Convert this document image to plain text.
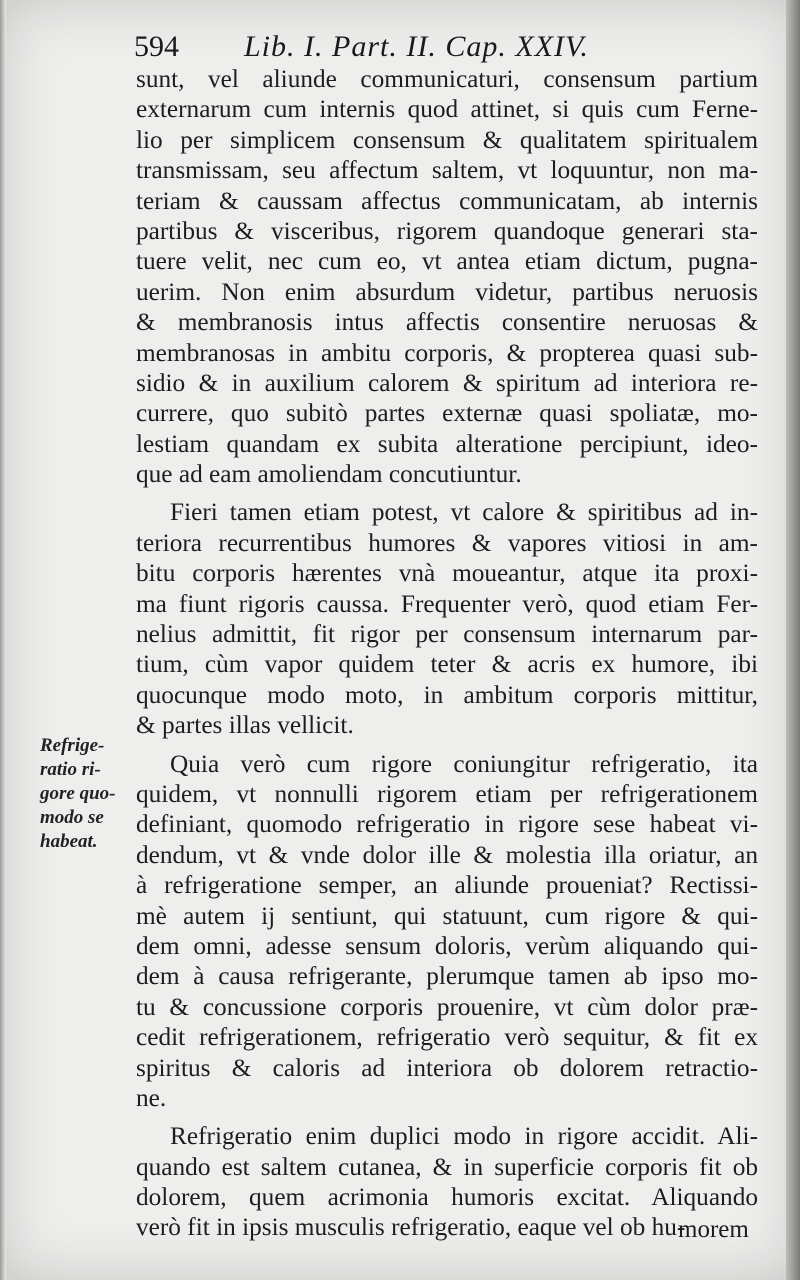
594 Lib. I. Part. II. Cap. XXIV.
sunt, vel aliunde communicaturi, consensum partium
externarum cum internis quod attinet, si quis cum Ferne-
lio per simplicem consensum & qualitatem spiritualem
transmissam, seu affectum saltem, vt loquuntur, non ma-
teriam & caussam affectus communicatam, ab internis
partibus & visceribus, rigorem quandoque generari sta-
tuere velit, nec cum eo, vt antea etiam dictum, pugna-
uerim. Non enim absurdum videtur, partibus neruosis
& membranosis intus affectis consentire neruosas &
membranosas in ambitu corporis, & propterea quasi sub-
sidio & in auxilium calorem & spiritum ad interiora re-
currere, quo subitò partes externæ quasi spoliatæ, mo-
lestiam quandam ex subita alteratione percipiunt, ideo-
que ad eam amoliendam concutiuntur.
Fieri tamen etiam potest, vt calore & spiritibus ad in-
teriora recurrentibus humores & vapores vitiosi in am-
bitu corporis hærentes vnà moueantur, atque ita proxi-
ma fiunt rigoris caussa. Frequenter verò, quod etiam Fer-
nelius admittit, fit rigor per consensum internarum par-
tium, cùm vapor quidem teter & acris ex humore, ibi
quocunque modo moto, in ambitum corporis mittitur,
& partes illas vellicit.
Quia verò cum rigore coniungitur refrigeratio, ita
quidem, vt nonnulli rigorem etiam per refrigerationem
definiant, quomodo refrigeratio in rigore sese habeat vi-
dendum, vt & vnde dolor ille & molestia illa oriatur, an
à refrigeratione semper, an aliunde proueniat? Rectissi-
mè autem ij sentiunt, qui statuunt, cum rigore & qui-
dem omni, adesse sensum doloris, verùm aliquando qui-
dem à causa refrigerante, plerumque tamen ab ipso mo-
tu & concussione corporis prouenire, vt cùm dolor præ-
cedit refrigerationem, refrigeratio verò sequitur, & fit ex
spiritus & caloris ad interiora ob dolorem retractio-
ne.
Refrigeratio enim duplici modo in rigore accidit. Ali-
quando est saltem cutanea, & in superficie corporis fit ob
dolorem, quem acrimonia humoris excitat. Aliquando
verò fit in ipsis musculis refrigeratio, eaque vel ob hu-
Refrige-
ratio ri-
gore quo-
modo se
habeat.
morem
